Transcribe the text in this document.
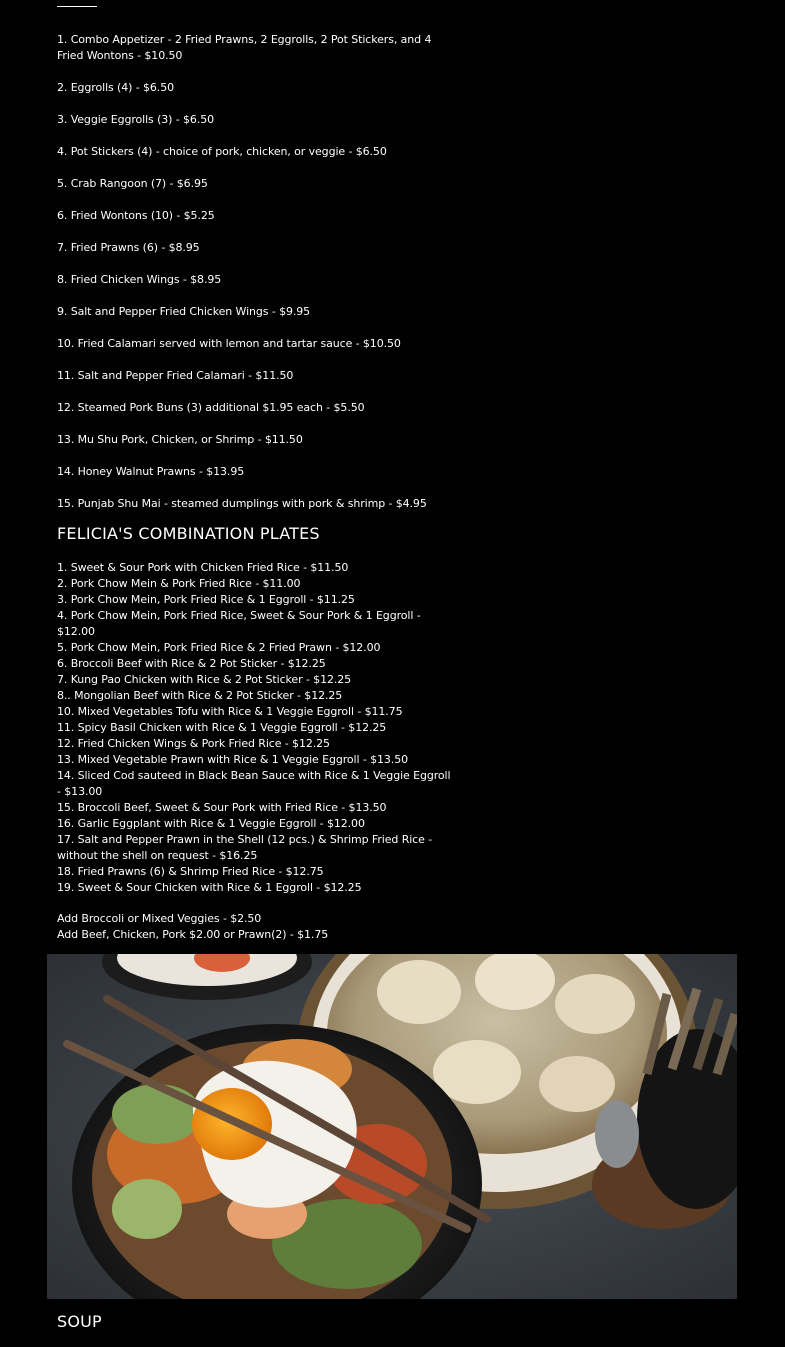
1. Combo Appetizer - 2 Fried Prawns, 2 Eggrolls, 2 Pot Stickers, and 4 Fried Wontons - $10.50
2. Eggrolls (4) - $6.50
3. Veggie Eggrolls (3) - $6.50
4. Pot Stickers (4) - choice of pork, chicken, or veggie - $6.50
5. Crab Rangoon (7) - $6.95
6. Fried Wontons (10) - $5.25
7. Fried Prawns (6) - $8.95
8. Fried Chicken Wings - $8.95
9. Salt and Pepper Fried Chicken Wings - $9.95
10. Fried Calamari served with lemon and tartar sauce - $10.50
11. Salt and Pepper Fried Calamari - $11.50
12. Steamed Pork Buns (3) additional $1.95 each - $5.50
13. Mu Shu Pork, Chicken, or Shrimp - $11.50
14. Honey Walnut Prawns - $13.95
15. Punjab Shu Mai - steamed dumplings with pork & shrimp - $4.95
FELICIA'S COMBINATION PLATES
1. Sweet & Sour Pork with Chicken Fried Rice - $11.50
2. Pork Chow Mein & Pork Fried Rice - $11.00
3. Pork Chow Mein, Pork Fried Rice & 1 Eggroll - $11.25
4. Pork Chow Mein, Pork Fried Rice, Sweet & Sour Pork & 1 Eggroll - $12.00
5. Pork Chow Mein, Pork Fried Rice & 2 Fried Prawn - $12.00
6. Broccoli Beef with Rice & 2 Pot Sticker - $12.25
7. Kung Pao Chicken with Rice & 2 Pot Sticker - $12.25
8.. Mongolian Beef with Rice & 2 Pot Sticker - $12.25
10. Mixed Vegetables Tofu with Rice & 1 Veggie Eggroll - $11.75
11. Spicy Basil Chicken with Rice & 1 Veggie Eggroll - $12.25
12. Fried Chicken Wings & Pork Fried Rice - $12.25
13. Mixed Vegetable Prawn with Rice & 1 Veggie Eggroll - $13.50
14. Sliced Cod sauteed in Black Bean Sauce with Rice & 1 Veggie Eggroll - $13.00
15. Broccoli Beef, Sweet & Sour Pork with Fried Rice - $13.50
16. Garlic Eggplant with Rice & 1 Veggie Eggroll - $12.00
17. Salt and Pepper Prawn in the Shell (12 pcs.) & Shrimp Fried Rice - without the shell on request - $16.25
18. Fried Prawns (6) & Shrimp Fried Rice - $12.75
19. Sweet & Sour Chicken with Rice & 1 Eggroll - $12.25
Add Broccoli or Mixed Veggies - $2.50
Add Beef, Chicken, Pork $2.00 or Prawn(2) - $1.75
SOUP
